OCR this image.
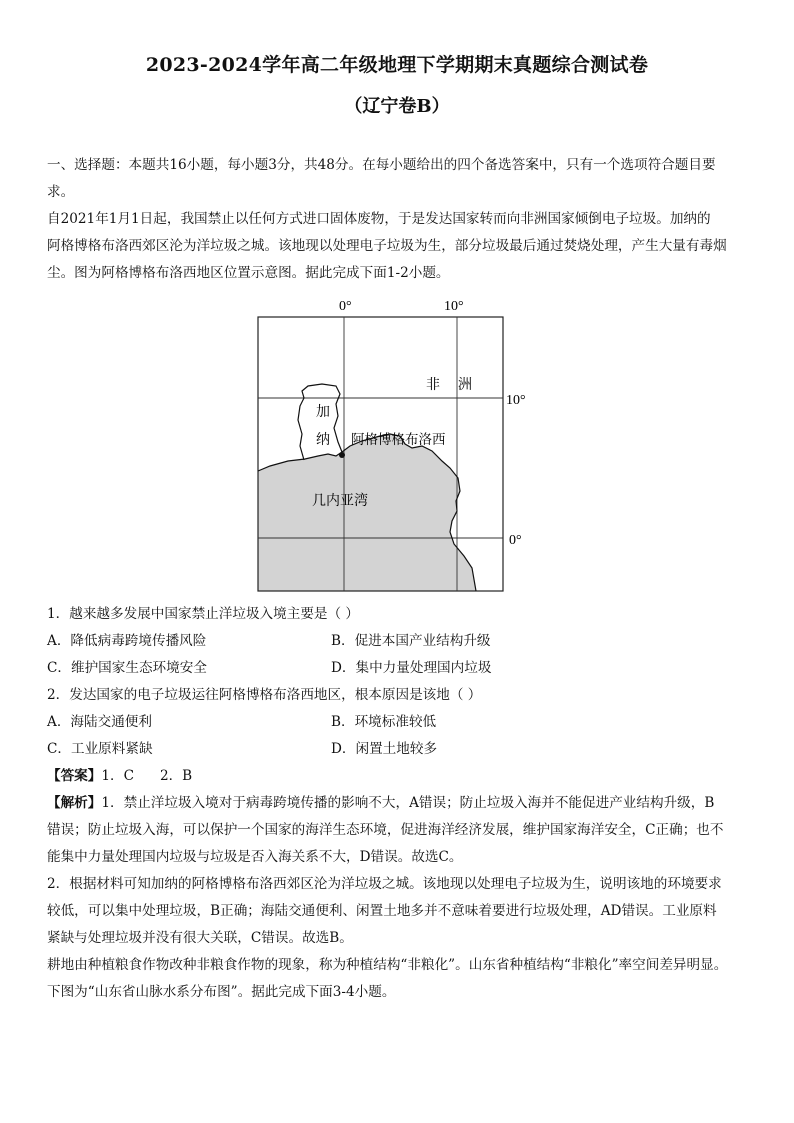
2023-2024学年高二年级地理下学期期末真题综合测试卷
（辽宁卷B）
一、选择题：本题共16小题，每小题3分，共48分。在每小题给出的四个备选答案中，只有一个选项符合题目要
求。
自2021年1月1日起，我国禁止以任何方式进口固体废物，于是发达国家转而向非洲国家倾倒电子垃圾。加纳的
阿格博格布洛西郊区沦为洋垃圾之城。该地现以处理电子垃圾为生，部分垃圾最后通过焚烧处理，产生大量有毒烟
尘。图为阿格博格布洛西地区位置示意图。据此完成下面1-2小题。
0°	10°
10°
0°
非 洲
加
纳 阿格博格布洛西
几内亚湾
1．越来越多发展中国家禁止洋垃圾入境主要是（ ）
A．降低病毒跨境传播风险	B．促进本国产业结构升级
C．维护国家生态环境安全	D．集中力量处理国内垃圾
2．发达国家的电子垃圾运往阿格博格布洛西地区，根本原因是该地（ ）
A．海陆交通便利	B．环境标准较低
C．工业原料紧缺	D．闲置土地较多
【答案】1．C      2．B
【解析】1．禁止洋垃圾入境对于病毒跨境传播的影响不大，A错误；防止垃圾入海并不能促进产业结构升级，B
错误；防止垃圾入海，可以保护一个国家的海洋生态环境，促进海洋经济发展，维护国家海洋安全，C正确；也不
能集中力量处理国内垃圾与垃圾是否入海关系不大，D错误。故选C。
2．根据材料可知加纳的阿格博格布洛西郊区沦为洋垃圾之城。该地现以处理电子垃圾为生，说明该地的环境要求
较低，可以集中处理垃圾，B正确；海陆交通便利、闲置土地多并不意味着要进行垃圾处理，AD错误。工业原料
紧缺与处理垃圾并没有很大关联，C错误。故选B。
耕地由种植粮食作物改种非粮食作物的现象，称为种植结构“非粮化”。山东省种植结构“非粮化”率空间差异明显。
下图为“山东省山脉水系分布图”。据此完成下面3-4小题。
